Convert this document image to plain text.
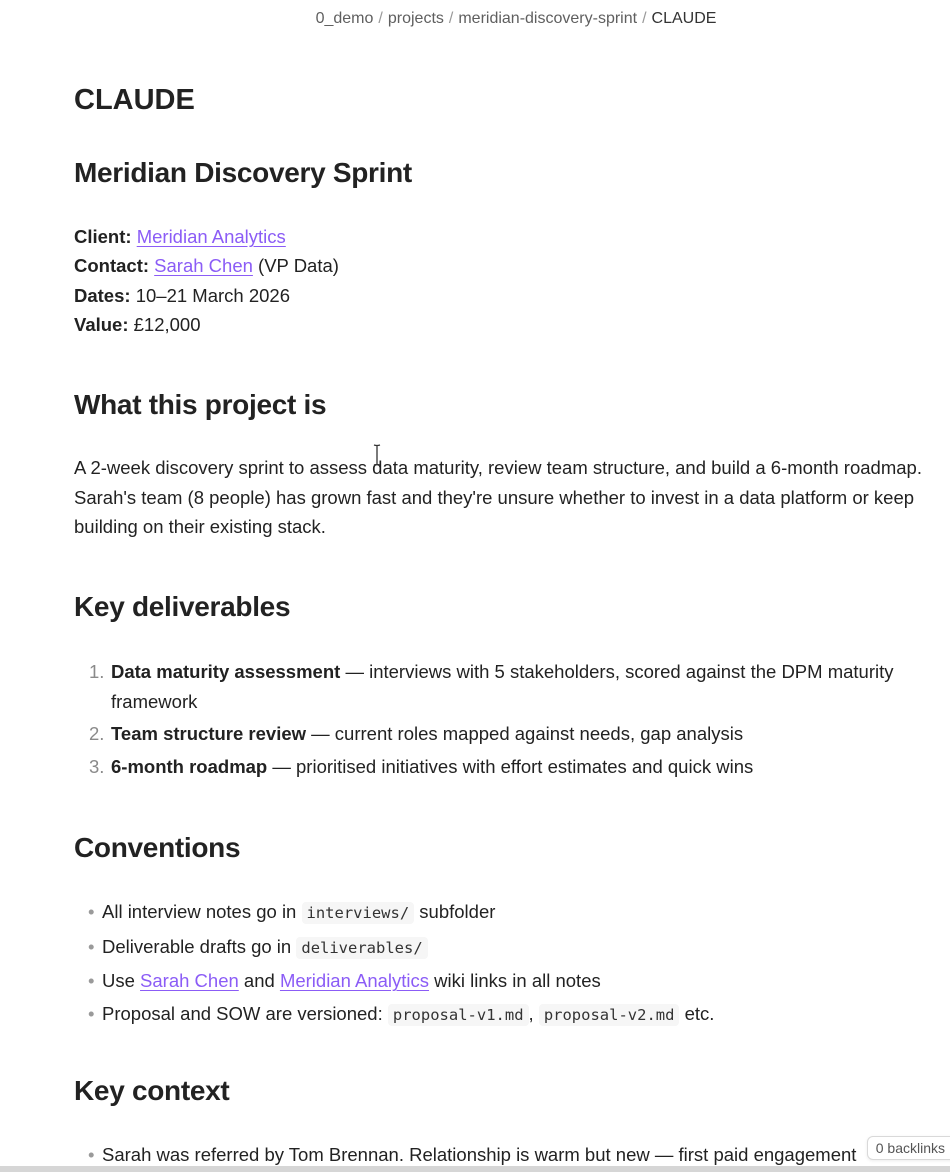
0_demo / projects / meridian-discovery-sprint / CLAUDE
CLAUDE
Meridian Discovery Sprint
Client: Meridian Analytics
Contact: Sarah Chen (VP Data)
Dates: 10–21 March 2026
Value: £12,000
What this project is

A 2-week discovery sprint to assess data maturity, review team structure, and build a 6-month roadmap. Sarah's team (8 people) has grown fast and they're unsure whether to invest in a data platform or keep building on their existing stack.

Key deliverables
1. Data maturity assessment — interviews with 5 stakeholders, scored against the DPM maturity framework
2. Team structure review — current roles mapped against needs, gap analysis
3. 6-month roadmap — prioritised initiatives with effort estimates and quick wins
Conventions
• All interview notes go in interviews/ subfolder
• Deliverable drafts go in deliverables/
• Use Sarah Chen and Meridian Analytics wiki links in all notes
• Proposal and SOW are versioned: proposal-v1.md , proposal-v2.md etc.
Key context
• Sarah was referred by Tom Brennan. Relationship is warm but new — first paid engagement	0 backlinks
